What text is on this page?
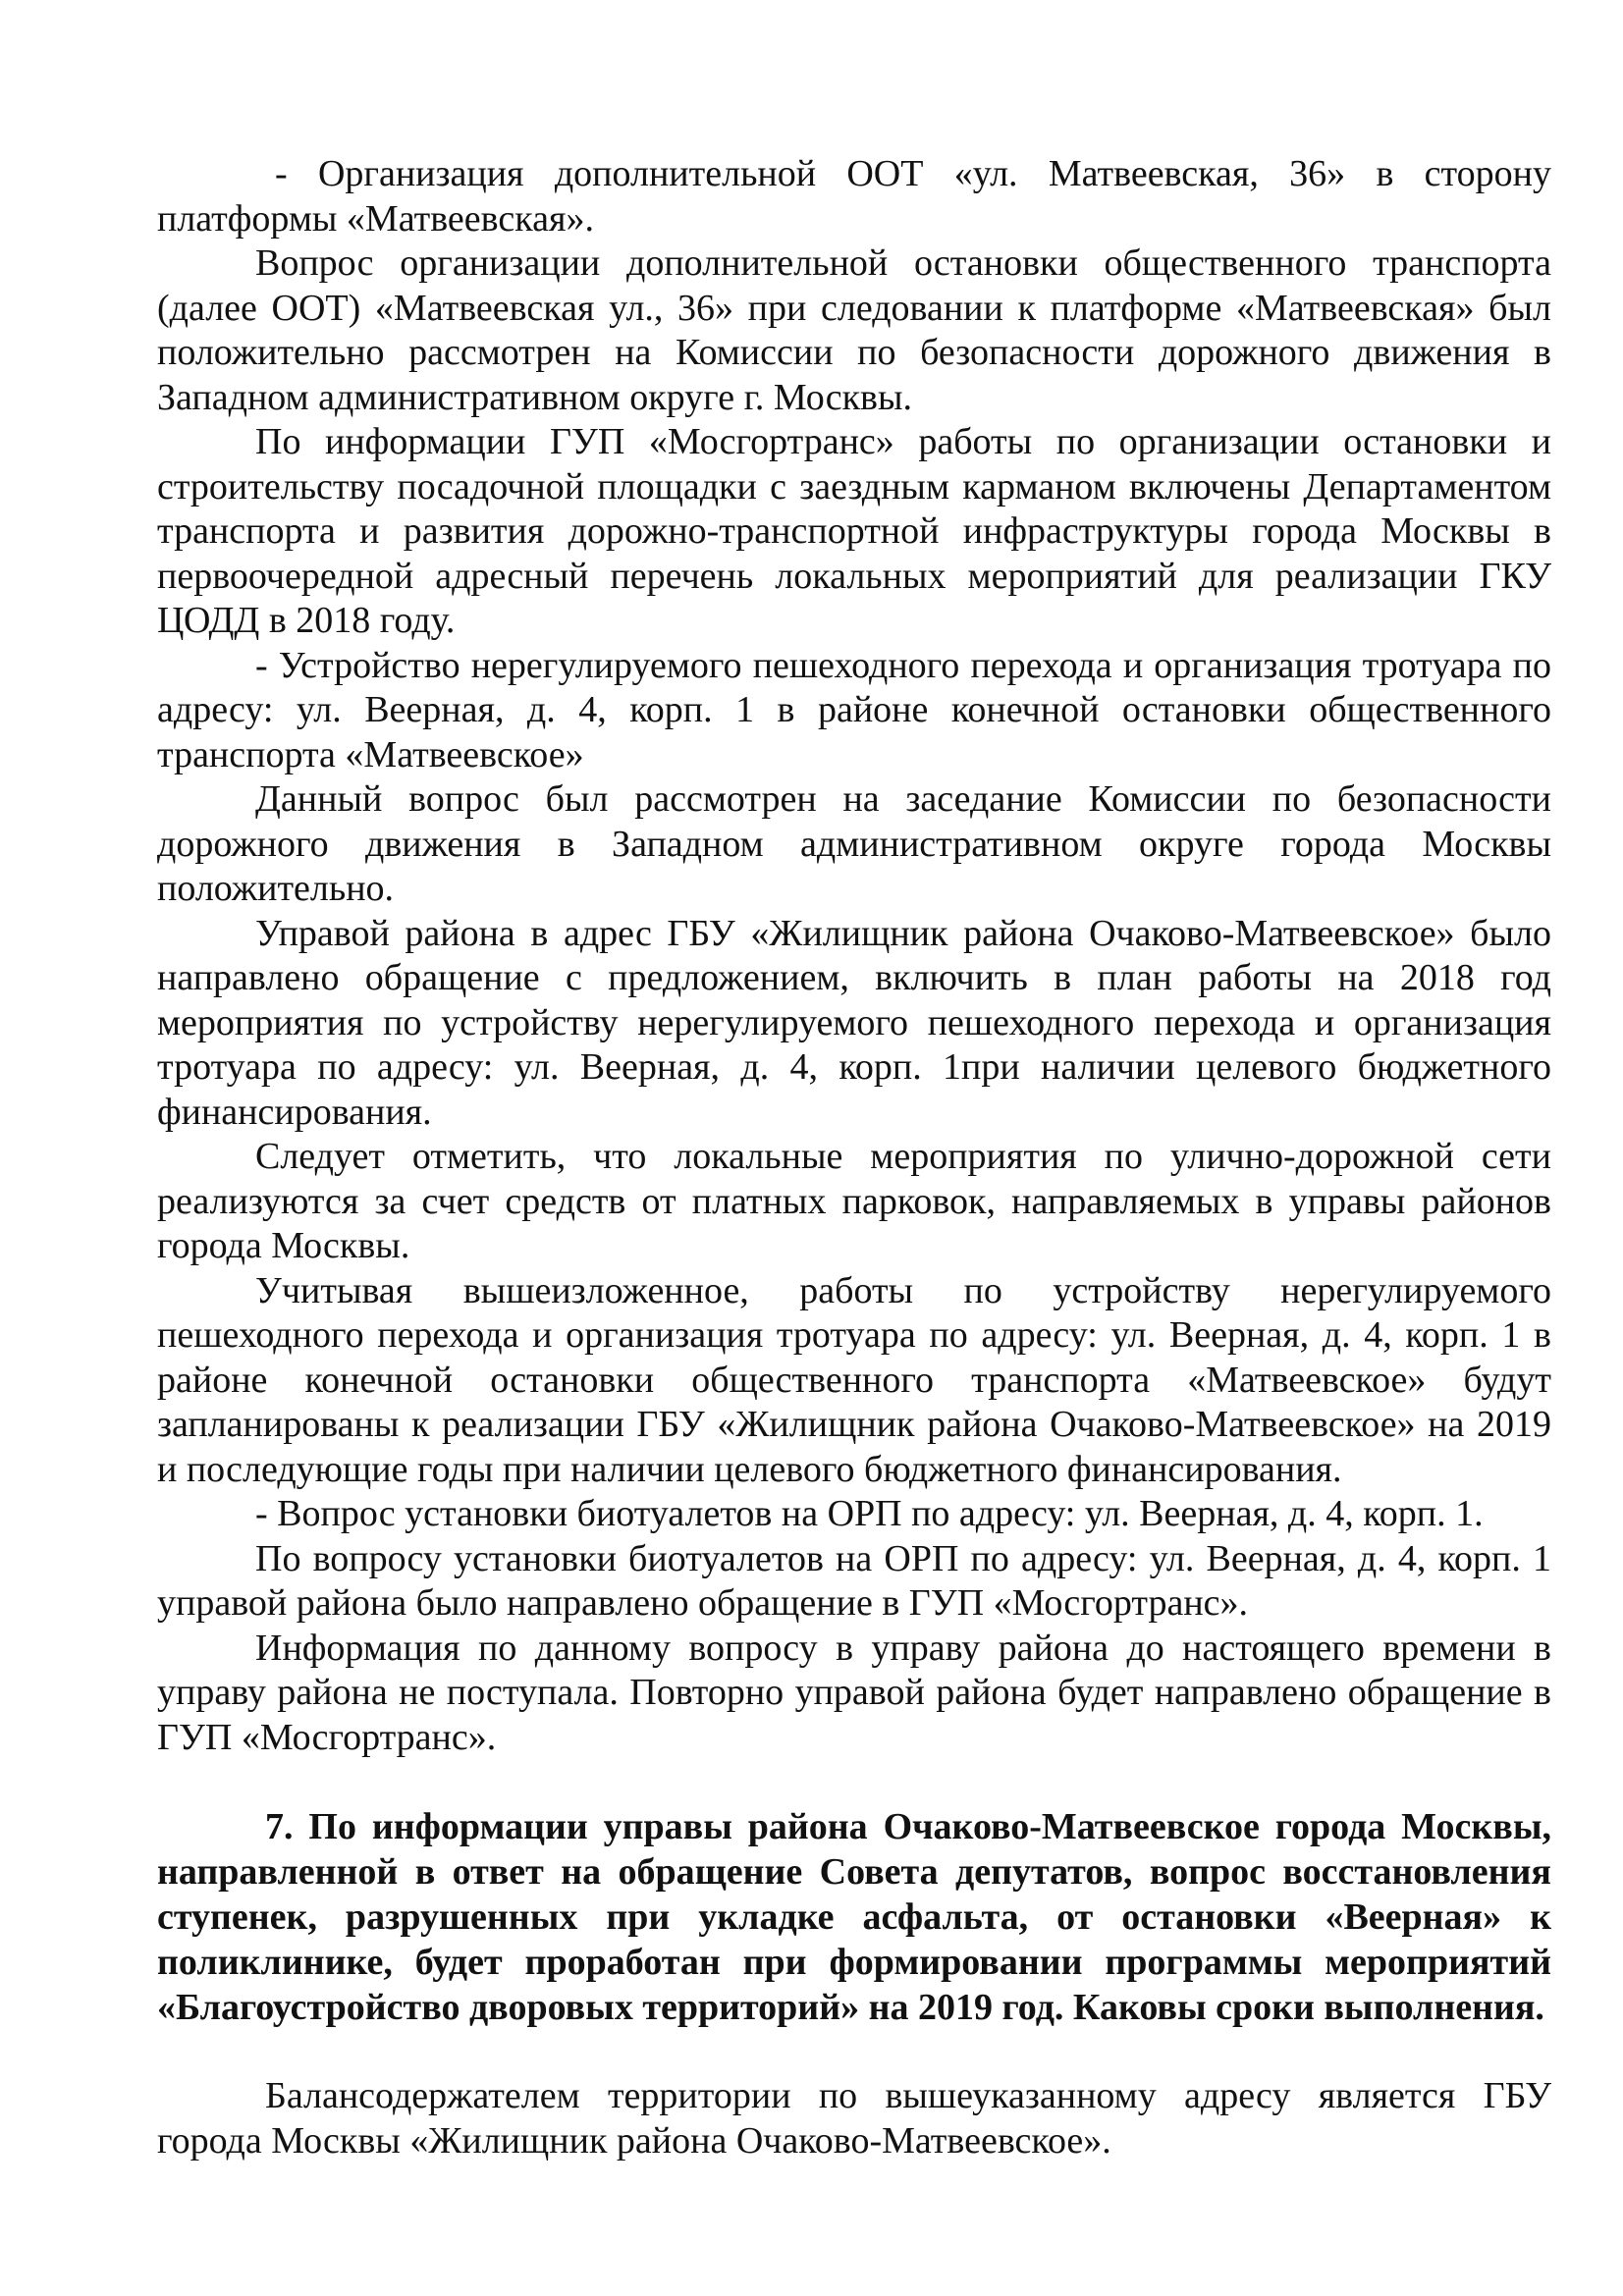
- Организация дополнительной ООТ «ул. Матвеевская, 36» в сторону платформы «Матвеевская».

Вопрос организации дополнительной остановки общественного транспорта (далее ООТ) «Матвеевская ул., 36» при следовании к платформе «Матвеевская» был положительно рассмотрен на Комиссии по безопасности дорожного движения в Западном административном округе г. Москвы.

По информации ГУП «Мосгортранс» работы по организации остановки и строительству посадочной площадки с заездным карманом включены Департаментом транспорта и развития дорожно-транспортной инфраструктуры города Москвы в первоочередной адресный перечень локальных мероприятий для реализации ГКУ ЦОДД в 2018 году.

- Устройство нерегулируемого пешеходного перехода и организация тротуара по адресу: ул. Веерная, д. 4, корп. 1 в районе конечной остановки общественного транспорта «Матвеевское»

Данный вопрос был рассмотрен на заседание Комиссии по безопасности дорожного движения в Западном административном округе города Москвы положительно.

Управой района в адрес ГБУ «Жилищник района Очаково-Матвеевское» было направлено обращение с предложением, включить в план работы на 2018 год мероприятия по устройству нерегулируемого пешеходного перехода и организация тротуара по адресу: ул. Веерная, д. 4, корп. 1при наличии целевого бюджетного финансирования.

Следует отметить, что локальные мероприятия по улично-дорожной сети реализуются за счет средств от платных парковок, направляемых в управы районов города Москвы.

Учитывая вышеизложенное, работы по устройству нерегулируемого пешеходного перехода и организация тротуара по адресу: ул. Веерная, д. 4, корп. 1 в районе конечной остановки общественного транспорта «Матвеевское» будут запланированы к реализации ГБУ «Жилищник района Очаково-Матвеевское» на 2019 и последующие годы при наличии целевого бюджетного финансирования.

- Вопрос установки биотуалетов на ОРП по адресу: ул. Веерная, д. 4, корп. 1.

По вопросу установки биотуалетов на ОРП по адресу: ул. Веерная, д. 4, корп. 1 управой района было направлено обращение в ГУП «Мосгортранс».

Информация по данному вопросу в управу района до настоящего времени в управу района не поступала. Повторно управой района будет направлено обращение в ГУП «Мосгортранс».

7. По информации управы района Очаково-Матвеевское города Москвы, направленной в ответ на обращение Совета депутатов, вопрос восстановления ступенек, разрушенных при укладке асфальта, от остановки «Веерная» к поликлинике, будет проработан при формировании программы мероприятий «Благоустройство дворовых территорий» на 2019 год. Каковы сроки выполнения.

Балансодержателем территории по вышеуказанному адресу является ГБУ города Москвы «Жилищник района Очаково-Матвеевское».
